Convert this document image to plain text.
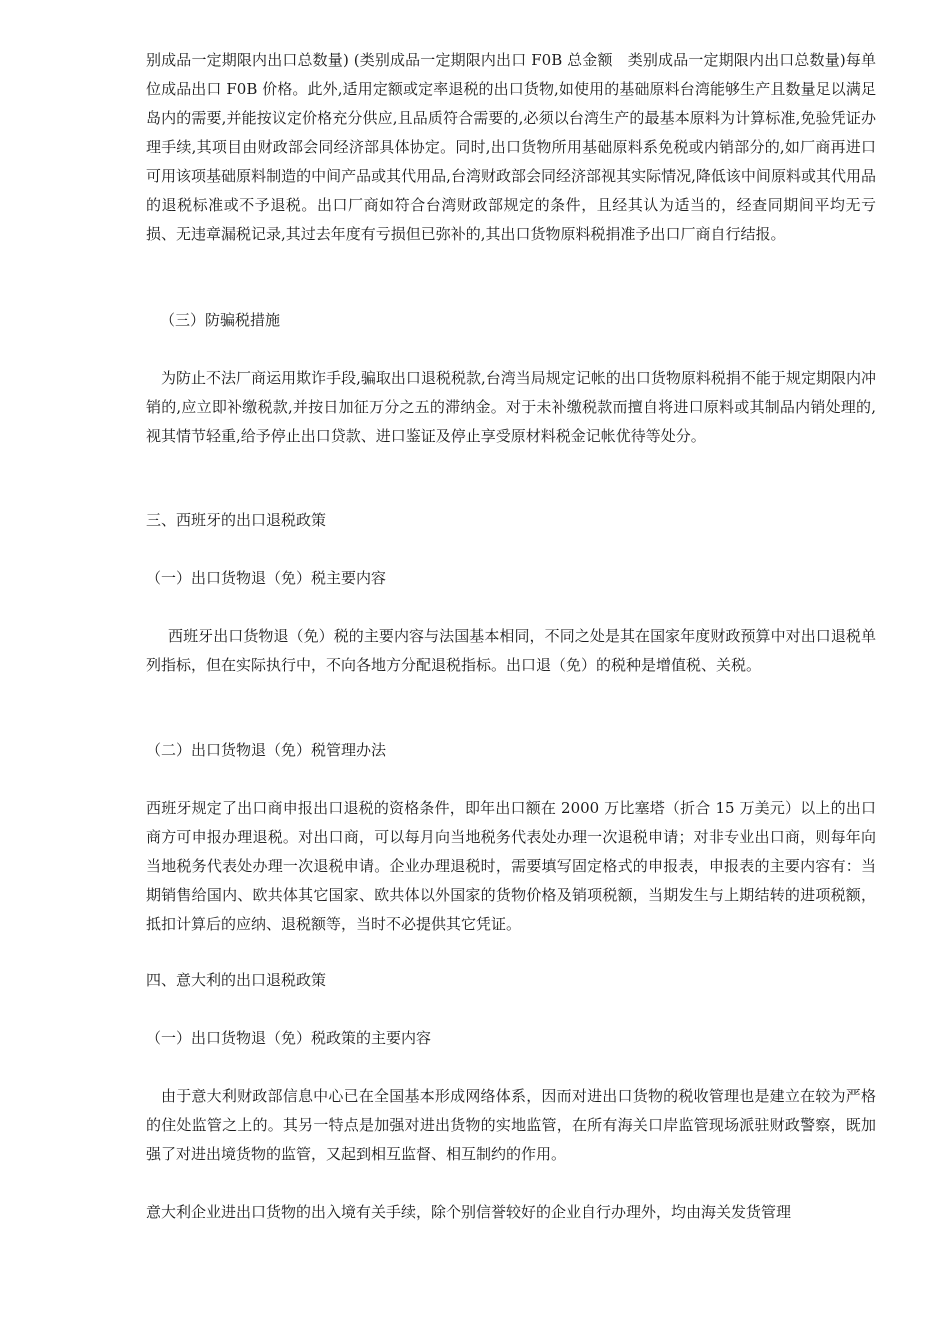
别成品一定期限内出口总数量) (类别成品一定期限内出口 F0B 总金额　类别成品一定期限内出口总数量)每单位成品出口 F0B 价格。此外,适用定额或定率退税的出口货物,如使用的基础原料台湾能够生产且数量足以满足岛内的需要,并能按议定价格充分供应,且品质符合需要的,必须以台湾生产的最基本原料为计算标准,免验凭证办理手续,其项目由财政部会同经济部具体协定。同时,出口货物所用基础原料系免税或内销部分的,如厂商再进口可用该项基础原料制造的中间产品或其代用品,台湾财政部会同经济部视其实际情况,降低该中间原料或其代用品的退税标准或不予退税。出口厂商如符合台湾财政部规定的条件，且经其认为适当的，经查同期间平均无亏损、无违章漏税记录,其过去年度有亏损但已弥补的,其出口货物原料税捐准予出口厂商自行结报。

（三）防骗税措施

为防止不法厂商运用欺诈手段,骗取出口退税税款,台湾当局规定记帐的出口货物原料税捐不能于规定期限内冲销的,应立即补缴税款,并按日加征万分之五的滞纳金。对于未补缴税款而擅自将进口原料或其制品内销处理的,视其情节轻重,给予停止出口贷款、进口鉴证及停止享受原材料税金记帐优待等处分。

三、西班牙的出口退税政策

（一）出口货物退（免）税主要内容

西班牙出口货物退（免）税的主要内容与法国基本相同，不同之处是其在国家年度财政预算中对出口退税单列指标，但在实际执行中，不向各地方分配退税指标。出口退（免）的税种是增值税、关税。

（二）出口货物退（免）税管理办法

西班牙规定了出口商申报出口退税的资格条件，即年出口额在 2000 万比塞塔（折合 15 万美元）以上的出口商方可申报办理退税。对出口商，可以每月向当地税务代表处办理一次退税申请；对非专业出口商，则每年向当地税务代表处办理一次退税申请。企业办理退税时，需要填写固定格式的申报表，申报表的主要内容有：当期销售给国内、欧共体其它国家、欧共体以外国家的货物价格及销项税额，当期发生与上期结转的进项税额，抵扣计算后的应纳、退税额等，当时不必提供其它凭证。

四、意大利的出口退税政策

（一）出口货物退（免）税政策的主要内容

由于意大利财政部信息中心已在全国基本形成网络体系，因而对进出口货物的税收管理也是建立在较为严格的住处监管之上的。其另一特点是加强对进出货物的实地监管，在所有海关口岸监管现场派驻财政警察，既加强了对进出境货物的监管，又起到相互监督、相互制约的作用。

意大利企业进出口货物的出入境有关手续，除个别信誉较好的企业自行办理外，均由海关发货管理
